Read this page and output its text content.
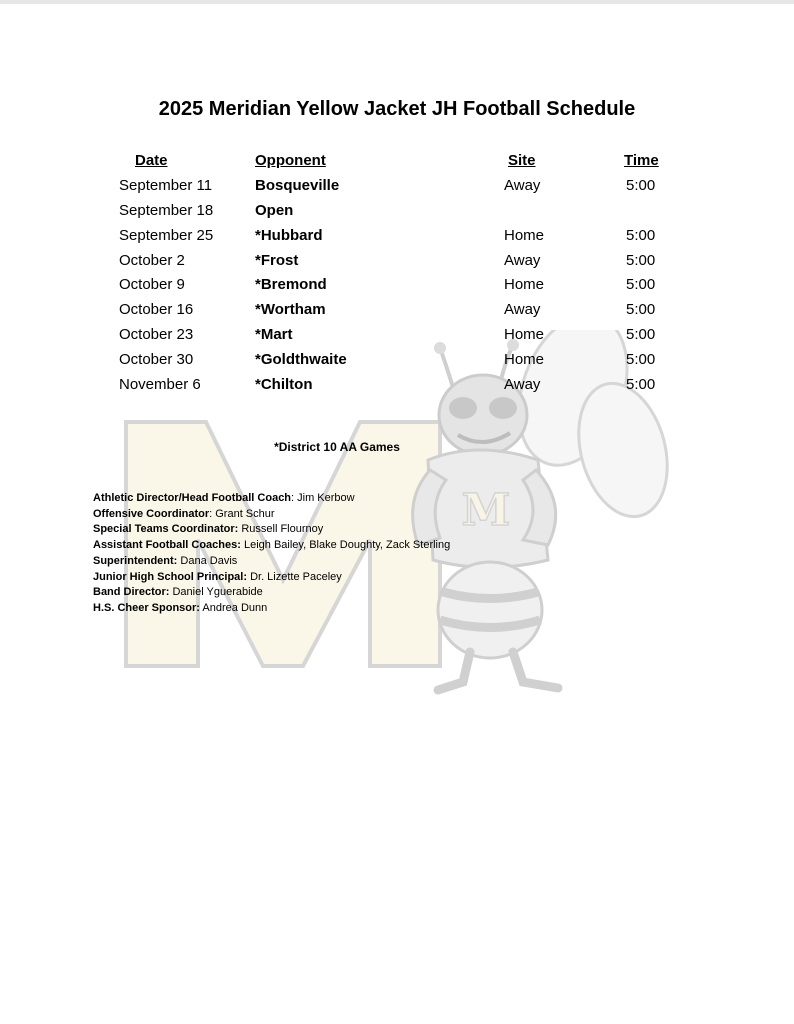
M
2025 Meridian Yellow Jacket JH Football Schedule
Date	Opponent	Site	Time
September 11	Bosqueville	Away	5:00
September 18	Open
September 25	*Hubbard	Home	5:00
October 2	*Frost	Away	5:00
October 9	*Bremond	Home	5:00
October 16	*Wortham	Away	5:00
October 23	*Mart	Home	5:00
October 30	*Goldthwaite	Home	5:00
November 6	*Chilton	Away	5:00
*District 10 AA Games
Athletic Director/Head Football Coach: Jim Kerbow
Offensive Coordinator: Grant Schur
Special Teams Coordinator: Russell Flournoy
Assistant Football Coaches: Leigh Bailey, Blake Doughty, Zack Sterling
Superintendent: Dana Davis
Junior High School Principal: Dr. Lizette Paceley
Band Director: Daniel Yguerabide
H.S. Cheer Sponsor: Andrea Dunn
